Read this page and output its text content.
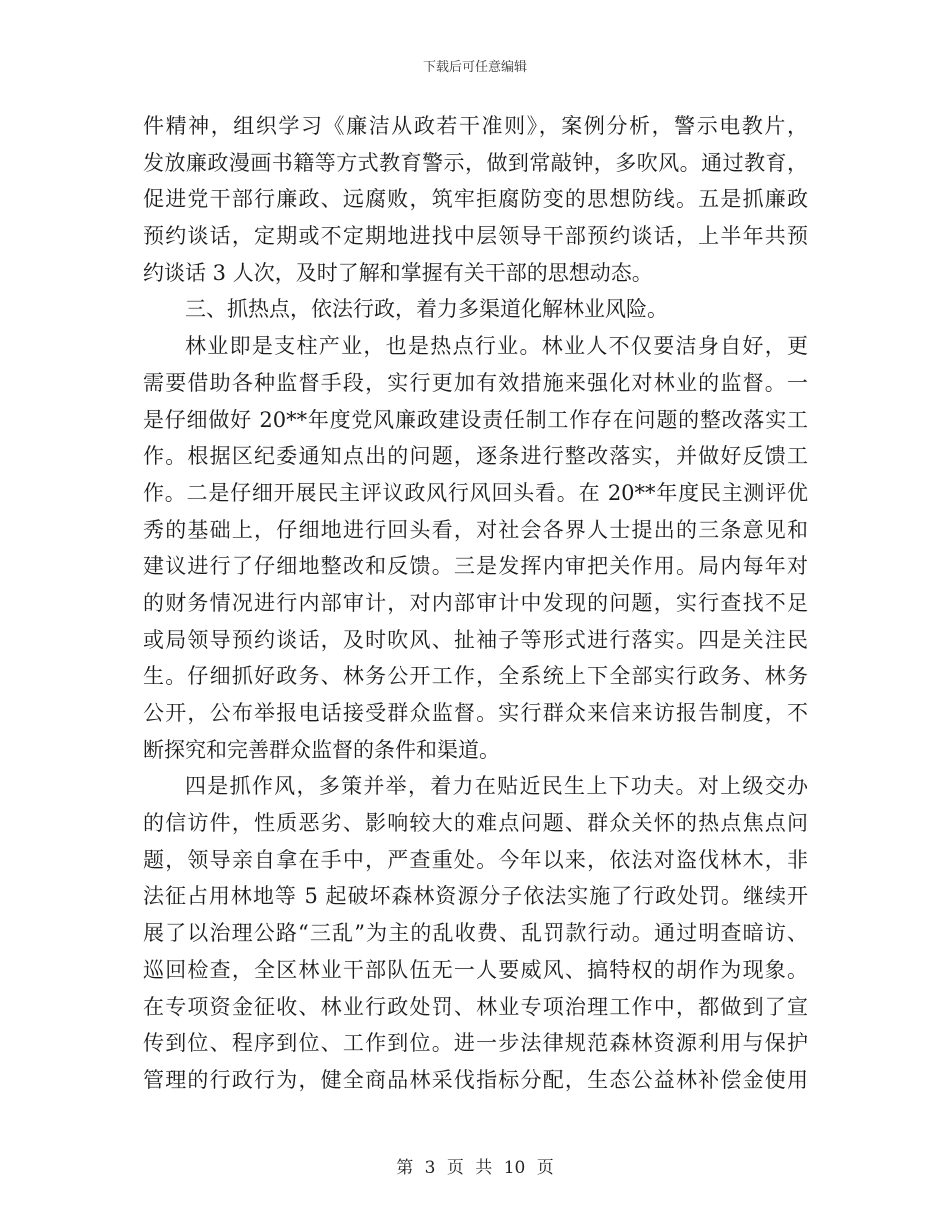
下载后可任意编辑
件精神，组织学习《廉洁从政若干准则》，案例分析，警示电教片，
发放廉政漫画书籍等方式教育警示，做到常敲钟，多吹风。通过教育，
促进党干部行廉政、远腐败，筑牢拒腐防变的思想防线。五是抓廉政
预约谈话，定期或不定期地进找中层领导干部预约谈话，上半年共预
约谈话 3 人次，及时了解和掌握有关干部的思想动态。
三、抓热点，依法行政，着力多渠道化解林业风险。
林业即是支柱产业，也是热点行业。林业人不仅要洁身自好，更
需要借助各种监督手段，实行更加有效措施来强化对林业的监督。一
是仔细做好 20**年度党风廉政建设责任制工作存在问题的整改落实工
作。根据区纪委通知点出的问题，逐条进行整改落实，并做好反馈工
作。二是仔细开展民主评议政风行风回头看。在 20**年度民主测评优
秀的基础上，仔细地进行回头看，对社会各界人士提出的三条意见和
建议进行了仔细地整改和反馈。三是发挥内审把关作用。局内每年对
的财务情况进行内部审计，对内部审计中发现的问题，实行查找不足
或局领导预约谈话，及时吹风、扯袖子等形式进行落实。四是关注民
生。仔细抓好政务、林务公开工作，全系统上下全部实行政务、林务
公开，公布举报电话接受群众监督。实行群众来信来访报告制度，不
断探究和完善群众监督的条件和渠道。
四是抓作风，多策并举，着力在贴近民生上下功夫。对上级交办
的信访件，性质恶劣、影响较大的难点问题、群众关怀的热点焦点问
题，领导亲自拿在手中，严查重处。今年以来，依法对盗伐林木，非
法征占用林地等 5 起破坏森林资源分子依法实施了行政处罚。继续开
展了以治理公路“三乱”为主的乱收费、乱罚款行动。通过明查暗访、
巡回检查，全区林业干部队伍无一人要威风、搞特权的胡作为现象。
在专项资金征收、林业行政处罚、林业专项治理工作中，都做到了宣
传到位、程序到位、工作到位。进一步法律规范森林资源利用与保护
管理的行政行为，健全商品林采伐指标分配，生态公益林补偿金使用
第 3 页 共 10 页
